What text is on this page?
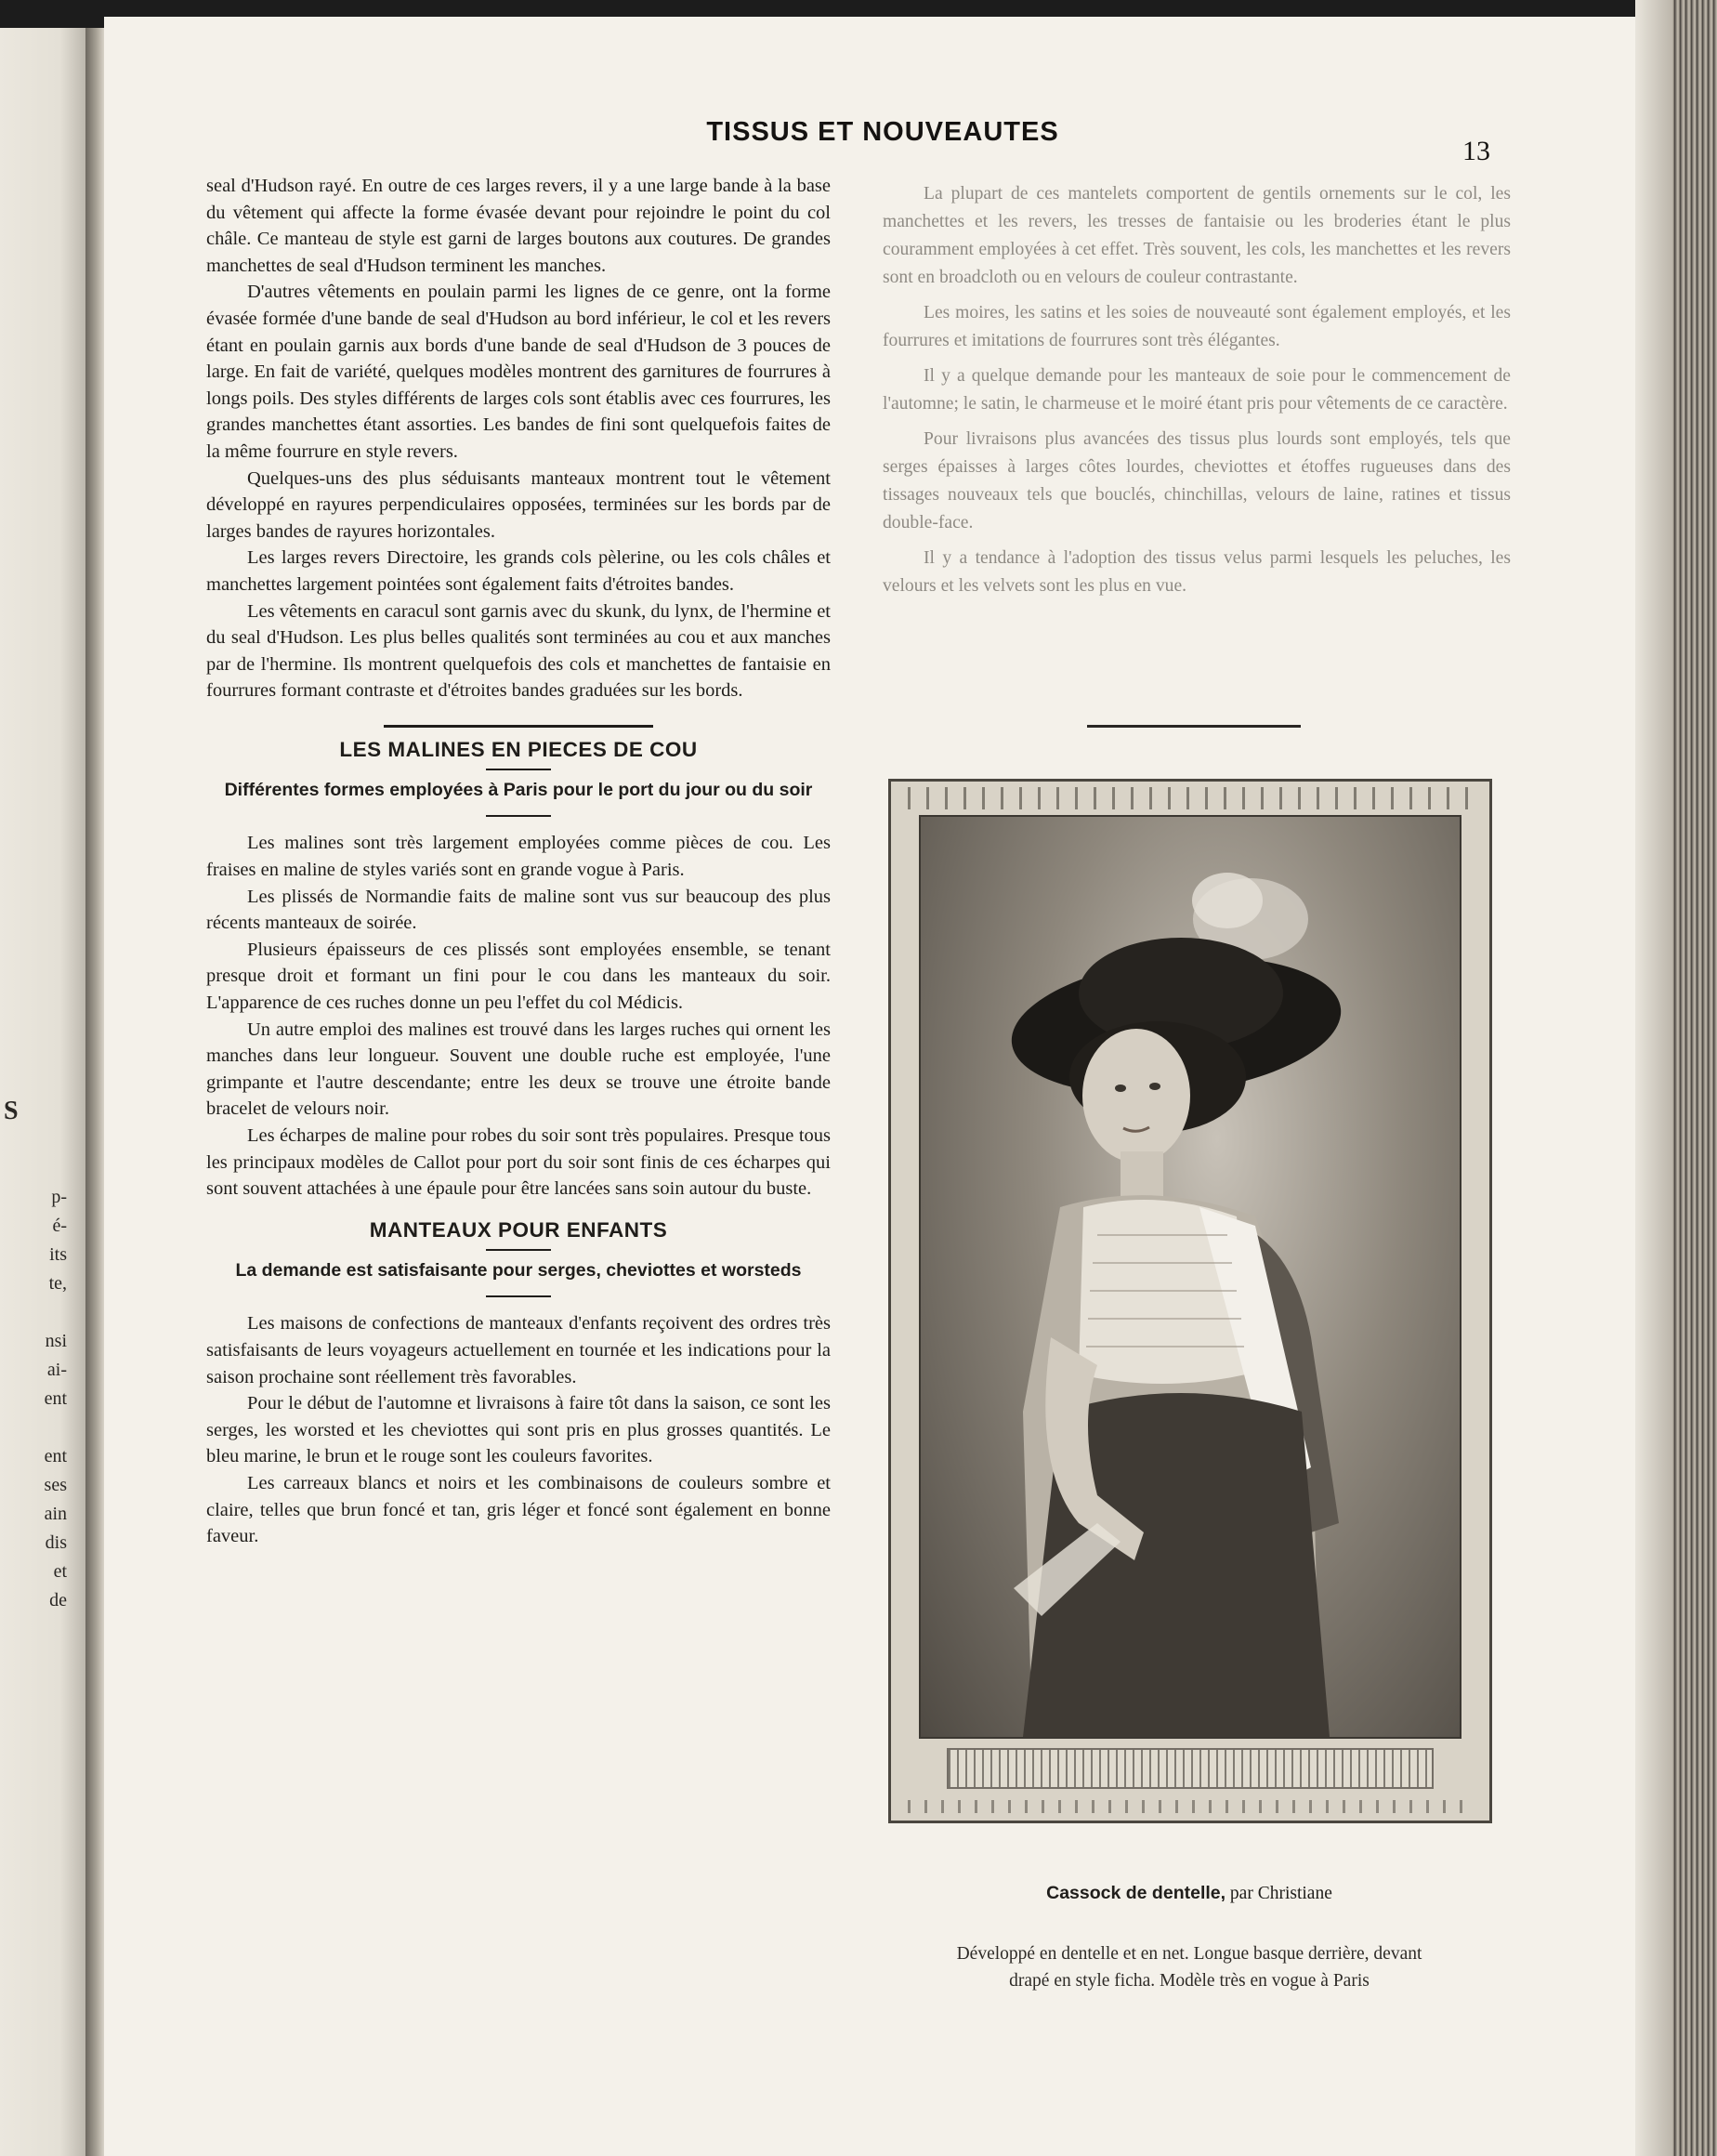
S
p-
é-
its
te,
nsi
ai-
ent
ent
ses
ain
dis
et
de
TISSUS ET NOUVEAUTES
13

seal d'Hudson rayé. En outre de ces larges revers, il y a une large bande à la base du vêtement qui affecte la forme évasée devant pour rejoindre le point du col châle. Ce manteau de style est garni de larges boutons aux coutures. De grandes manchettes de seal d'Hudson terminent les manches.

D'autres vêtements en poulain parmi les lignes de ce genre, ont la forme évasée formée d'une bande de seal d'Hudson au bord inférieur, le col et les revers étant en poulain garnis aux bords d'une bande de seal d'Hudson de 3 pouces de large. En fait de variété, quelques modèles montrent des garnitures de fourrures à longs poils. Des styles différents de larges cols sont établis avec ces fourrures, les grandes manchettes étant assorties. Les bandes de fini sont quelquefois faites de la même fourrure en style revers.

Quelques-uns des plus séduisants manteaux montrent tout le vêtement développé en rayures perpendiculaires opposées, terminées sur les bords par de larges bandes de rayures horizontales.

Les larges revers Directoire, les grands cols pèlerine, ou les cols châles et manchettes largement pointées sont également faits d'étroites bandes.

Les vêtements en caracul sont garnis avec du skunk, du lynx, de l'hermine et du seal d'Hudson. Les plus belles qualités sont terminées au cou et aux manches par de l'hermine. Ils montrent quelquefois des cols et manchettes de fantaisie en fourrures formant contraste et d'étroites bandes graduées sur les bords.

LES MALINES EN PIECES DE COU
Différentes formes employées à Paris pour le port du jour ou du soir

Les malines sont très largement employées comme pièces de cou. Les fraises en maline de styles variés sont en grande vogue à Paris.

Les plissés de Normandie faits de maline sont vus sur beaucoup des plus récents manteaux de soirée.

Plusieurs épaisseurs de ces plissés sont employées ensemble, se tenant presque droit et formant un fini pour le cou dans les manteaux du soir. L'apparence de ces ruches donne un peu l'effet du col Médicis.

Un autre emploi des malines est trouvé dans les larges ruches qui ornent les manches dans leur longueur. Souvent une double ruche est employée, l'une grimpante et l'autre descendante; entre les deux se trouve une étroite bande bracelet de velours noir.

Les écharpes de maline pour robes du soir sont très populaires. Presque tous les principaux modèles de Callot pour port du soir sont finis de ces écharpes qui sont souvent attachées à une épaule pour être lancées sans soin autour du buste.

MANTEAUX POUR ENFANTS
La demande est satisfaisante pour serges, cheviottes et worsteds

Les maisons de confections de manteaux d'enfants reçoivent des ordres très satisfaisants de leurs voyageurs actuellement en tournée et les indications pour la saison prochaine sont réellement très favorables.

Pour le début de l'automne et livraisons à faire tôt dans la saison, ce sont les serges, les worsted et les cheviottes qui sont pris en plus grosses quantités. Le bleu marine, le brun et le rouge sont les couleurs favorites.

Les carreaux blancs et noirs et les combinaisons de couleurs sombre et claire, telles que brun foncé et tan, gris léger et foncé sont également en bonne faveur.

La plupart de ces mantelets comportent de gentils ornements sur le col, les manchettes et les revers, les tresses de fantaisie ou les broderies étant le plus couramment employées à cet effet. Très souvent, les cols, les manchettes et les revers sont en broadcloth ou en velours de couleur contrastante.

Les moires, les satins et les soies de nouveauté sont également employés, et les fourrures et imitations de fourrures sont très élégantes.

Il y a quelque demande pour les manteaux de soie pour le commencement de l'automne; le satin, le charmeuse et le moiré étant pris pour vêtements de ce caractère.

Pour livraisons plus avancées des tissus plus lourds sont employés, tels que serges épaisses à larges côtes lourdes, cheviottes et étoffes rugueuses dans des tissages nouveaux tels que bouclés, chinchillas, velours de laine, ratines et tissus double-face.

Il y a tendance à l'adoption des tissus velus parmi lesquels les peluches, les velours et les velvets sont les plus en vue.

Cassock de dentelle, par Christiane
Développé en dentelle et en net. Longue basque derrière, devant
drapé en style ficha. Modèle très en vogue à Paris
